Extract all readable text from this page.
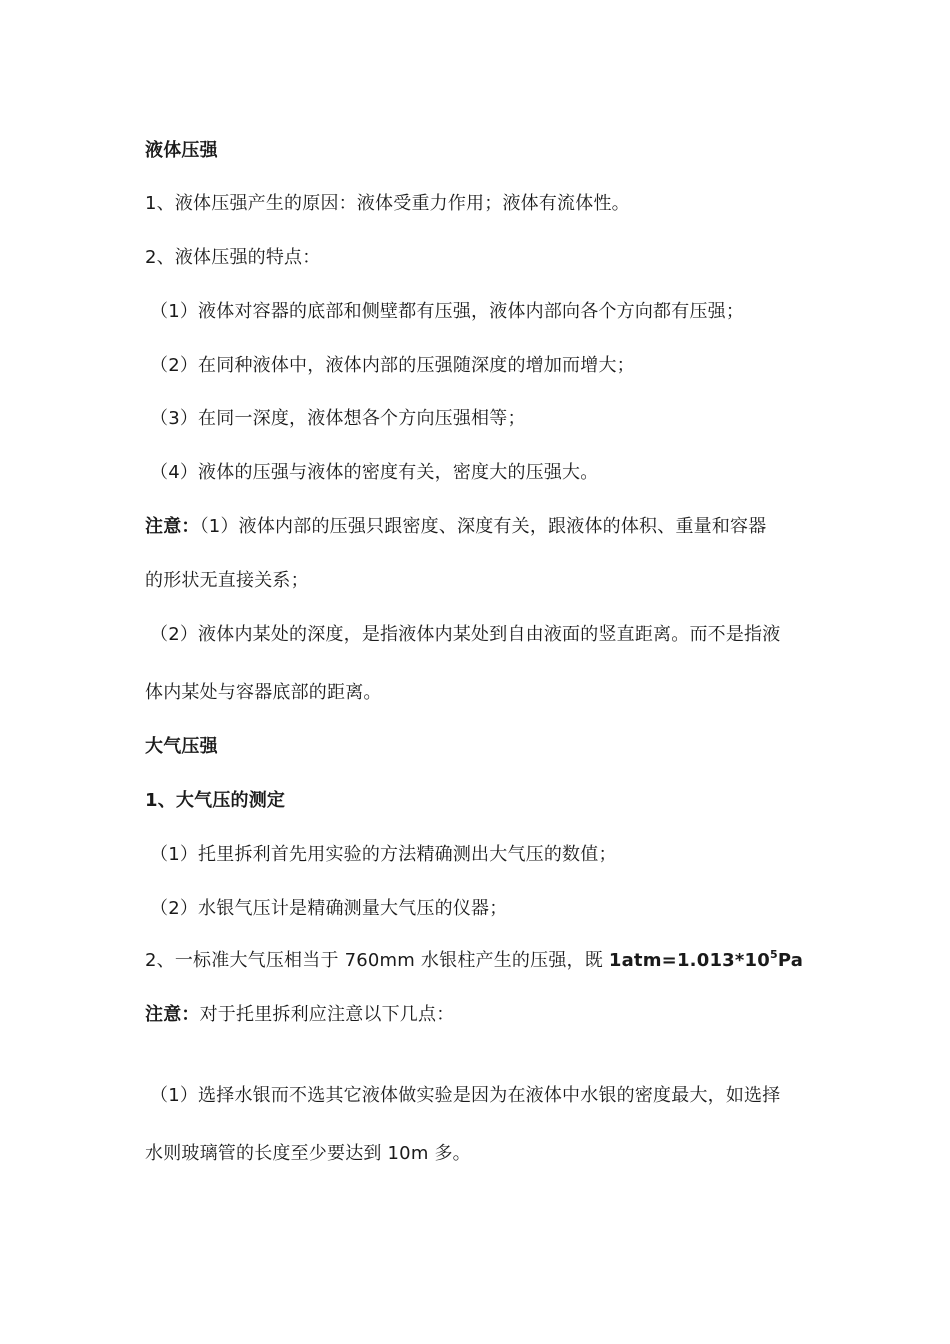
液体压强
1、液体压强产生的原因：液体受重力作用；液体有流体性。
2、液体压强的特点：
（1）液体对容器的底部和侧壁都有压强，液体内部向各个方向都有压强；
（2）在同种液体中，液体内部的压强随深度的增加而增大；
（3）在同一深度，液体想各个方向压强相等；
（4）液体的压强与液体的密度有关，密度大的压强大。
注意：（1）液体内部的压强只跟密度、深度有关，跟液体的体积、重量和容器
的形状无直接关系；
（2）液体内某处的深度，是指液体内某处到自由液面的竖直距离。而不是指液
体内某处与容器底部的距离。
大气压强
1、大气压的测定
（1）托里拆利首先用实验的方法精确测出大气压的数值；
（2）水银气压计是精确测量大气压的仪器；
2、一标准大气压相当于 760mm 水银柱产生的压强，既 $1atm=1.013*10^5Pa$
注意：对于托里拆利应注意以下几点：
（1）选择水银而不选其它液体做实验是因为在液体中水银的密度最大，如选择
水则玻璃管的长度至少要达到 10m 多。
